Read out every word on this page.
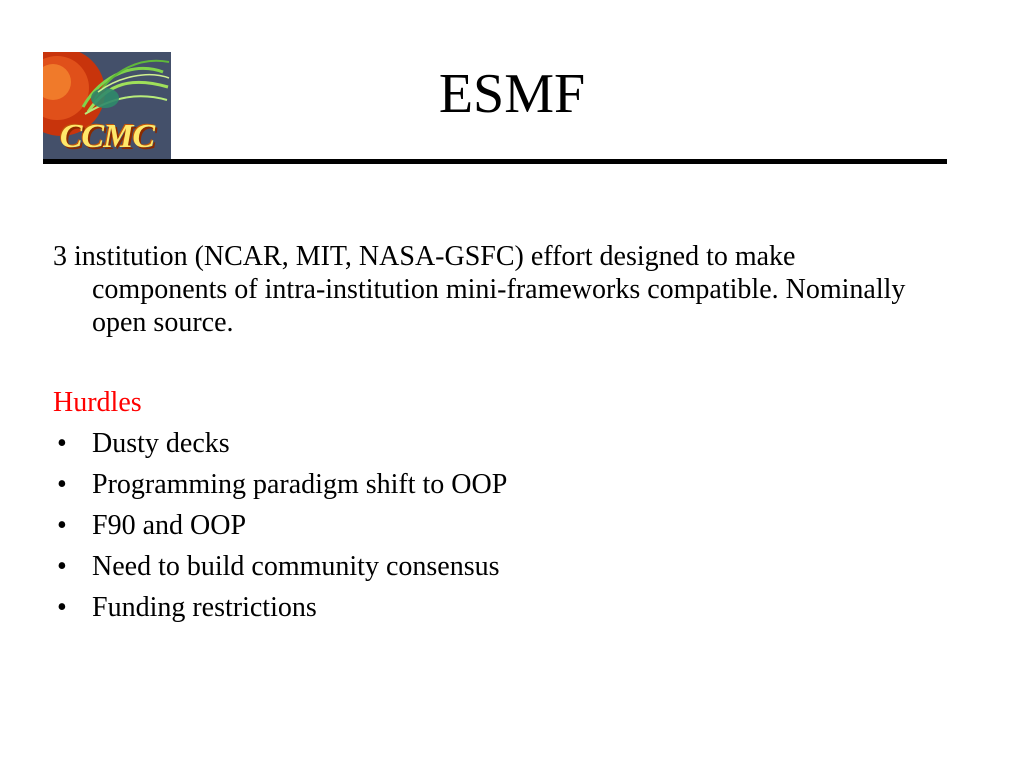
CCMC
ESMF

3 institution (NCAR, MIT, NASA-GSFC) effort designed to make components of intra-institution mini-frameworks compatible. Nominally open source.

Hurdles
• Dusty decks
• Programming paradigm shift to OOP
• F90 and OOP
• Need to build community consensus
• Funding restrictions
